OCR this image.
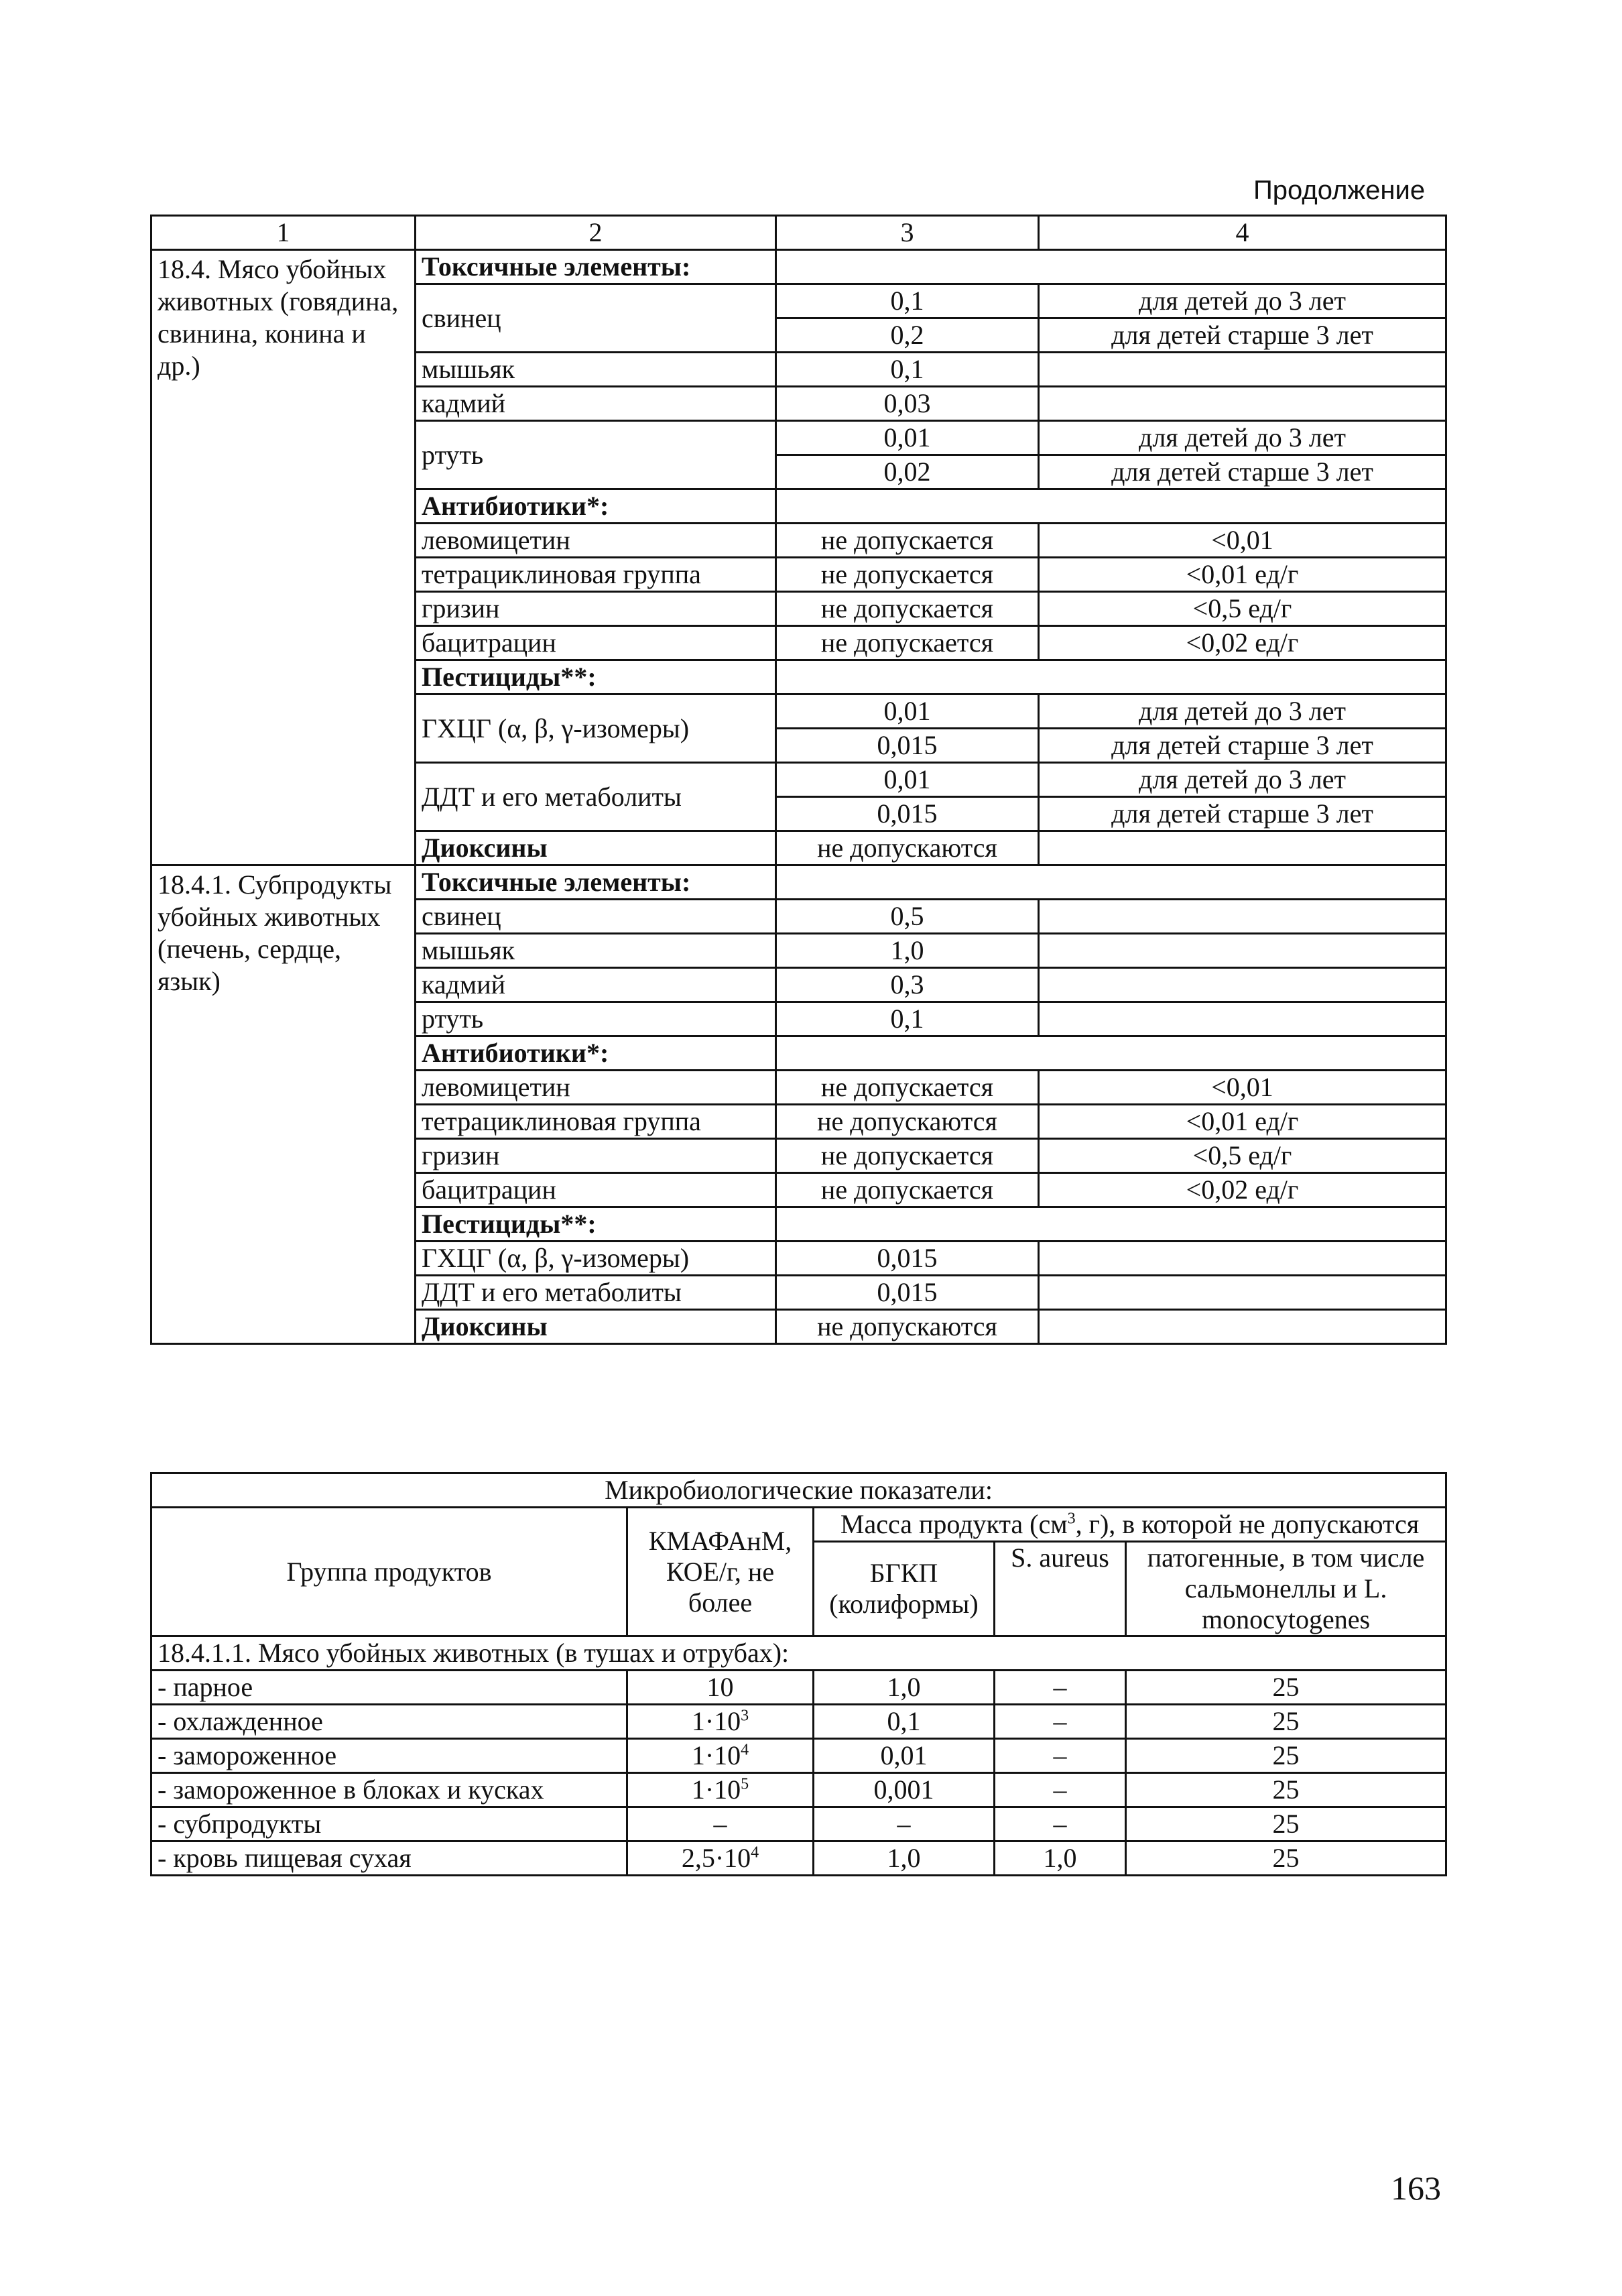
Продолжение
1	2	3	4
18.4. Мясо убойных животных (говядина, свинина, конина и др.)	Токсичные элементы:		
	свинец	0,1	для детей до 3 лет
		0,2	для детей старше 3 лет
	мышьяк	0,1	
	кадмий	0,03	
	ртуть	0,01	для детей до 3 лет
		0,02	для детей старше 3 лет
	Антибиотики*:		
	левомицетин	не допускается	<0,01
	тетрациклиновая группа	не допускается	<0,01 ед/г
	гризин	не допускается	<0,5 ед/г
	бацитрацин	не допускается	<0,02 ед/г
	Пестициды**:		
	ГХЦГ (α, β, γ-изомеры)	0,01	для детей до 3 лет
		0,015	для детей старше 3 лет
	ДДТ и его метаболиты	0,01	для детей до 3 лет
		0,015	для детей старше 3 лет
	Диоксины	не допускаются	
18.4.1. Субпродукты убойных животных (печень, сердце, язык)	Токсичные элементы:		
	свинец	0,5	
	мышьяк	1,0	
	кадмий	0,3	
	ртуть	0,1	
	Антибиотики*:		
	левомицетин	не допускается	<0,01
	тетрациклиновая группа	не допускаются	<0,01 ед/г
	гризин	не допускается	<0,5 ед/г
	бацитрацин	не допускается	<0,02 ед/г
	Пестициды**:		
	ГХЦГ (α, β, γ-изомеры)	0,015	
	ДДТ и его метаболиты	0,015	
	Диоксины	не допускаются	
Микробиологические показатели:				
Группа продуктов	КМАФАнМ, КОЕ/г, не более	Масса продукта ($см^3$, г), в которой не допускаются		
		БГКП (колиформы)	S. aureus	патогенные, в том числе сальмонеллы и L. monocytogenes
18.4.1.1. Мясо убойных животных (в тушах и отрубах):				
- парное	10	1,0	–	25
- охлажденное	$1\cdot 10^3$	0,1	–	25
- замороженное	$1\cdot 10^4$	0,01	–	25
- замороженное в блоках и кусках	$1\cdot 10^5$	0,001	–	25
- субпродукты	–	–	–	25
- кровь пищевая сухая	$2,5\cdot 10^4$	1,0	1,0	25
163
